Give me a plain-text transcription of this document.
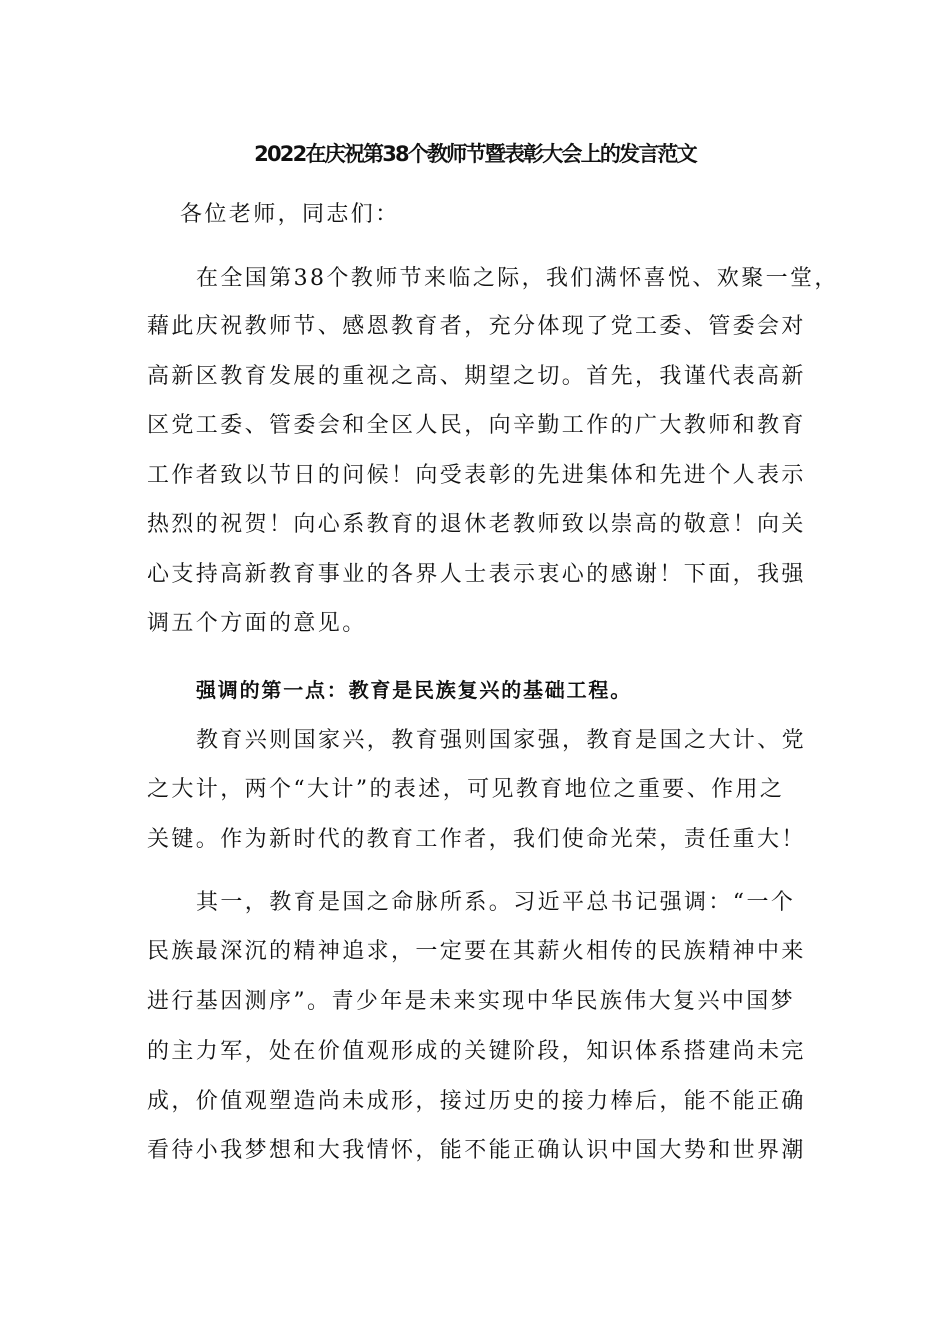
2022在庆祝第38个教师节暨表彰大会上的发言范文
各位老师，同志们：
在全国第38个教师节来临之际，我们满怀喜悦、欢聚一堂，
藉此庆祝教师节、感恩教育者，充分体现了党工委、管委会对
高新区教育发展的重视之高、期望之切。首先，我谨代表高新
区党工委、管委会和全区人民，向辛勤工作的广大教师和教育
工作者致以节日的问候！向受表彰的先进集体和先进个人表示
热烈的祝贺！向心系教育的退休老教师致以崇高的敬意！向关
心支持高新教育事业的各界人士表示衷心的感谢！下面，我强
调五个方面的意见。
强调的第一点：教育是民族复兴的基础工程。
教育兴则国家兴，教育强则国家强，教育是国之大计、党
之大计，两个“大计”的表述，可见教育地位之重要、作用之
关键。作为新时代的教育工作者，我们使命光荣，责任重大！
其一，教育是国之命脉所系。习近平总书记强调：“一个
民族最深沉的精神追求，一定要在其薪火相传的民族精神中来
进行基因测序”。青少年是未来实现中华民族伟大复兴中国梦
的主力军，处在价值观形成的关键阶段，知识体系搭建尚未完
成，价值观塑造尚未成形，接过历史的接力棒后，能不能正确
看待小我梦想和大我情怀，能不能正确认识中国大势和世界潮
